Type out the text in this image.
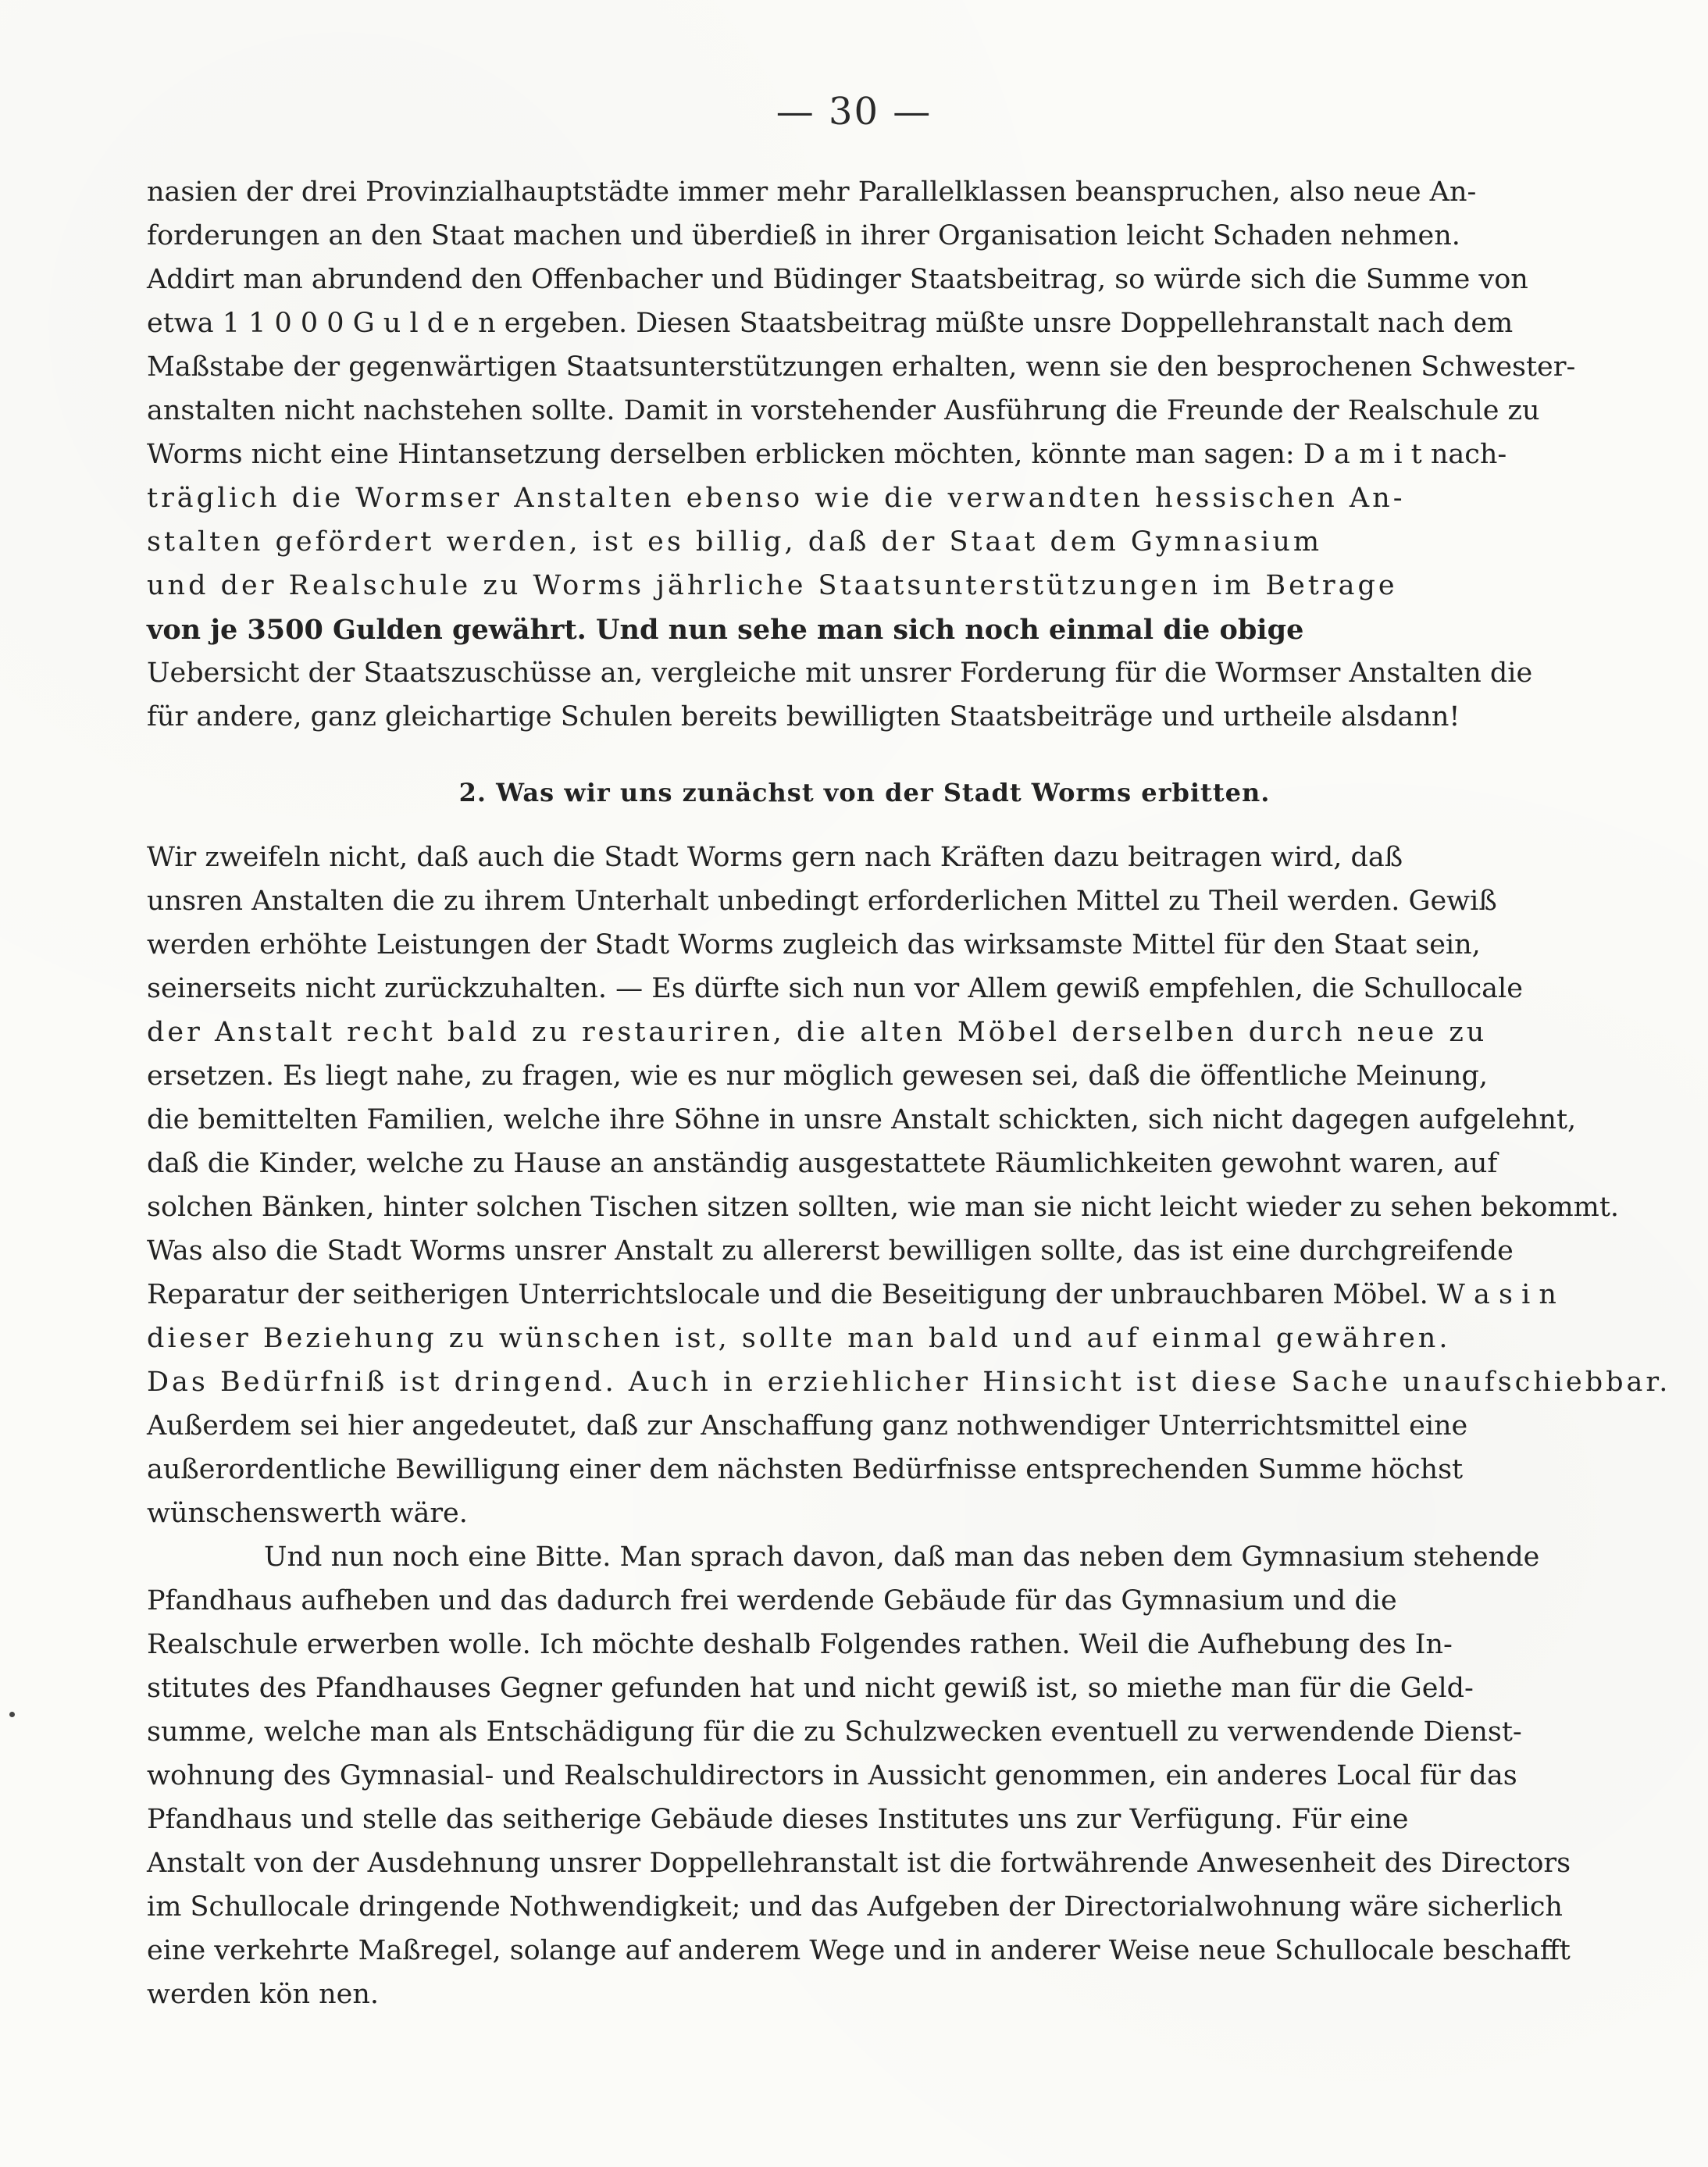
— 30 —
nasien der drei Provinzialhauptstädte immer mehr Parallelklassen beanspruchen, also neue An-
forderungen an den Staat machen und überdieß in ihrer Organisation leicht Schaden nehmen.
Addirt man abrundend den Offenbacher und Büdinger Staatsbeitrag, so würde sich die Summe von
etwa 1 1 0 0 0 G u l d e n ergeben. Diesen Staatsbeitrag müßte unsre Doppellehranstalt nach dem
Maßstabe der gegenwärtigen Staatsunterstützungen erhalten, wenn sie den besprochenen Schwester-
anstalten nicht nachstehen sollte. Damit in vorstehender Ausführung die Freunde der Realschule zu
Worms nicht eine Hintansetzung derselben erblicken möchten, könnte man sagen: D a m i t nach-
träglich die Wormser Anstalten ebenso wie die verwandten hessischen An-
stalten gefördert werden, ist es billig, daß der Staat dem Gymnasium
und der Realschule zu Worms jährliche Staatsunterstützungen im Betrage
von je 3500 Gulden gewährt. Und nun sehe man sich noch einmal die obige
Uebersicht der Staatszuschüsse an, vergleiche mit unsrer Forderung für die Wormser Anstalten die
für andere, ganz gleichartige Schulen bereits bewilligten Staatsbeiträge und urtheile alsdann!
2. Was wir uns zunächst von der Stadt Worms erbitten.
Wir zweifeln nicht, daß auch die Stadt Worms gern nach Kräften dazu beitragen wird, daß
unsren Anstalten die zu ihrem Unterhalt unbedingt erforderlichen Mittel zu Theil werden. Gewiß
werden erhöhte Leistungen der Stadt Worms zugleich das wirksamste Mittel für den Staat sein,
seinerseits nicht zurückzuhalten. — Es dürfte sich nun vor Allem gewiß empfehlen, die Schullocale
der Anstalt recht bald zu restauriren, die alten Möbel derselben durch neue zu
ersetzen. Es liegt nahe, zu fragen, wie es nur möglich gewesen sei, daß die öffentliche Meinung,
die bemittelten Familien, welche ihre Söhne in unsre Anstalt schickten, sich nicht dagegen aufgelehnt,
daß die Kinder, welche zu Hause an anständig ausgestattete Räumlichkeiten gewohnt waren, auf
solchen Bänken, hinter solchen Tischen sitzen sollten, wie man sie nicht leicht wieder zu sehen bekommt.
Was also die Stadt Worms unsrer Anstalt zu allererst bewilligen sollte, das ist eine durchgreifende
Reparatur der seitherigen Unterrichtslocale und die Beseitigung der unbrauchbaren Möbel. W a s i n
dieser Beziehung zu wünschen ist, sollte man bald und auf einmal gewähren.
Das Bedürfniß ist dringend. Auch in erziehlicher Hinsicht ist diese Sache unaufschiebbar.
Außerdem sei hier angedeutet, daß zur Anschaffung ganz nothwendiger Unterrichtsmittel eine
außerordentliche Bewilligung einer dem nächsten Bedürfnisse entsprechenden Summe höchst
wünschenswerth wäre.
Und nun noch eine Bitte. Man sprach davon, daß man das neben dem Gymnasium stehende
Pfandhaus aufheben und das dadurch frei werdende Gebäude für das Gymnasium und die
Realschule erwerben wolle. Ich möchte deshalb Folgendes rathen. Weil die Aufhebung des In-
stitutes des Pfandhauses Gegner gefunden hat und nicht gewiß ist, so miethe man für die Geld-
summe, welche man als Entschädigung für die zu Schulzwecken eventuell zu verwendende Dienst-
wohnung des Gymnasial- und Realschuldirectors in Aussicht genommen, ein anderes Local für das
Pfandhaus und stelle das seitherige Gebäude dieses Institutes uns zur Verfügung. Für eine
Anstalt von der Ausdehnung unsrer Doppellehranstalt ist die fortwährende Anwesenheit des Directors
im Schullocale dringende Nothwendigkeit; und das Aufgeben der Directorialwohnung wäre sicherlich
eine verkehrte Maßregel, solange auf anderem Wege und in anderer Weise neue Schullocale beschafft
werden kön nen.
